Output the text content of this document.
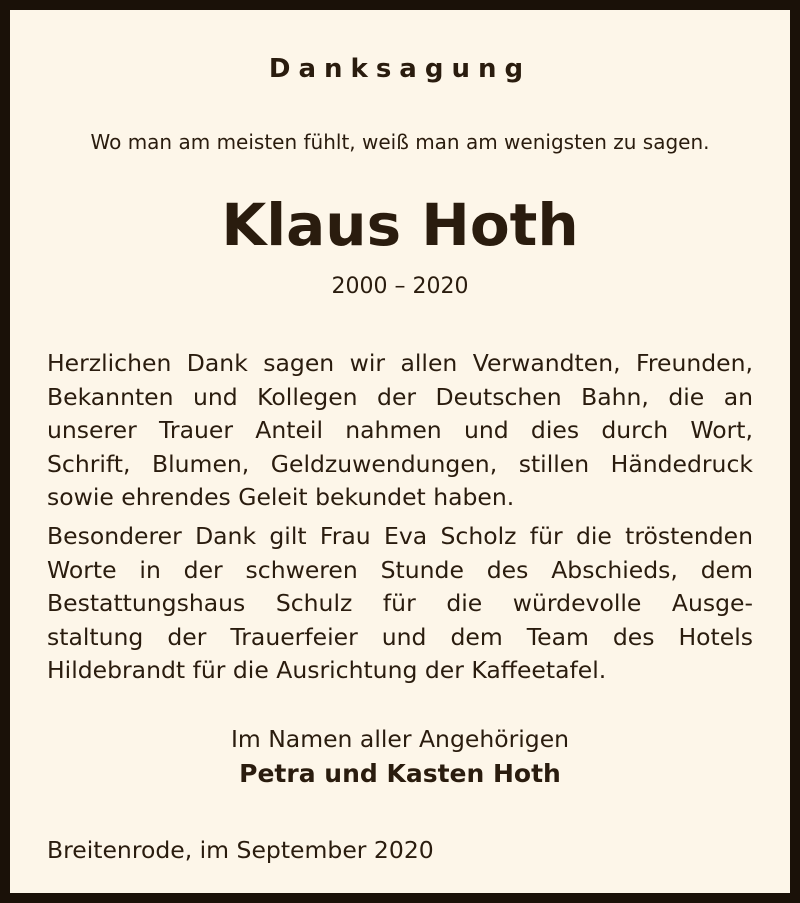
Danksagung
Wo man am meisten fühlt, weiß man am wenigsten zu sagen.
Klaus Hoth
2000 – 2020
Herzlichen Dank sagen wir allen Verwandten, Freunden,
Bekannten und Kollegen der Deutschen Bahn, die an
unserer Trauer Anteil nahmen und dies durch Wort,
Schrift, Blumen, Geldzuwendungen, stillen Händedruck
sowie ehrendes Geleit bekundet haben.
Besonderer Dank gilt Frau Eva Scholz für die tröstenden
Worte in der schweren Stunde des Abschieds, dem
Bestattungshaus Schulz für die würdevolle Ausge-
staltung der Trauerfeier und dem Team des Hotels
Hildebrandt für die Ausrichtung der Kaffeetafel.
Im Namen aller Angehörigen
Petra und Kasten Hoth
Breitenrode, im September 2020
